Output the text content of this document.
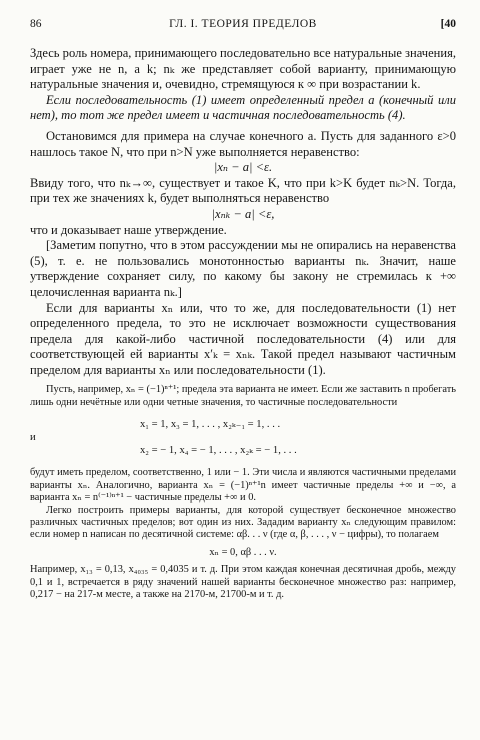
86	ГЛ. I. ТЕОРИЯ ПРЕДЕЛОВ	[40

Здесь роль номера, принимающего последовательно все натуральные значения, играет уже не n, а k; nₖ же представляет собой варианту, принимающую натуральные значения и, очевидно, стремящуюся к ∞ при возрастании k.

Если последовательность (1) имеет определенный предел a (конечный или нет), то тот же предел имеет и частичная последовательность (4).

Остановимся для примера на случае конечного a. Пусть для заданного ε>0 нашлось такое N, что при n>N уже выполняется неравенство:

|xₙ − a| <ε.

Ввиду того, что nₖ→∞, существует и такое K, что при k>K будет nₖ>N. Тогда, при тех же значениях k, будет выполняться неравенство

|xₙₖ − a| <ε,

что и доказывает наше утверждение.

[Заметим попутно, что в этом рассуждении мы не опирались на неравенства (5), т. е. не пользовались монотонностью варианты nₖ. Значит, наше утверждение сохраняет силу, по какому бы закону не стремилась к +∞ целочисленная варианта nₖ.]

Если для варианты xₙ или, что то же, для последовательности (1) нет определенного предела, то это не исключает возможности существования предела для какой-либо частичной последовательности (4) или для соответствующей ей варианты x′ₖ = xₙₖ. Такой предел называют частичным пределом для варианты xₙ или последовательности (1).

Пусть, например, xₙ = (−1)ⁿ⁺¹; предела эта варианта не имеет. Если же заставить n пробегать лишь одни нечётные или одни четные значения, то частичные последовательности

x₁ = 1, x₃ = 1, . . . , x₂ₖ₋₁ = 1, . . .
и
x₂ = − 1, x₄ = − 1, . . . , x₂ₖ = − 1, . . .

будут иметь пределом, соответственно, 1 или − 1. Эти числа и являются частичными пределами варианты xₙ. Аналогично, варианта xₙ = (−1)ⁿ⁺¹n имеет частичные пределы +∞ и −∞, а варианта xₙ = n⁽⁻¹⁾ⁿ⁺¹ − частичные пределы +∞ и 0.

Легко построить примеры варианты, для которой существует бесконечное множество различных частичных пределов; вот один из них. Зададим варианту xₙ следующим правилом: если номер n написан по десятичной системе: αβ. . . ν (где α, β, . . . , ν − цифры), то полагаем

xₙ = 0, αβ . . . ν.

Например, x₁₃ = 0,13, x₄₀₃₅ = 0,4035 и т. д. При этом каждая конечная десятичная дробь, между 0,1 и 1, встречается в ряду значений нашей варианты бесконечное множество раз: например, 0,217 − на 217-м месте, а также на 2170-м, 21700-м и т. д.
